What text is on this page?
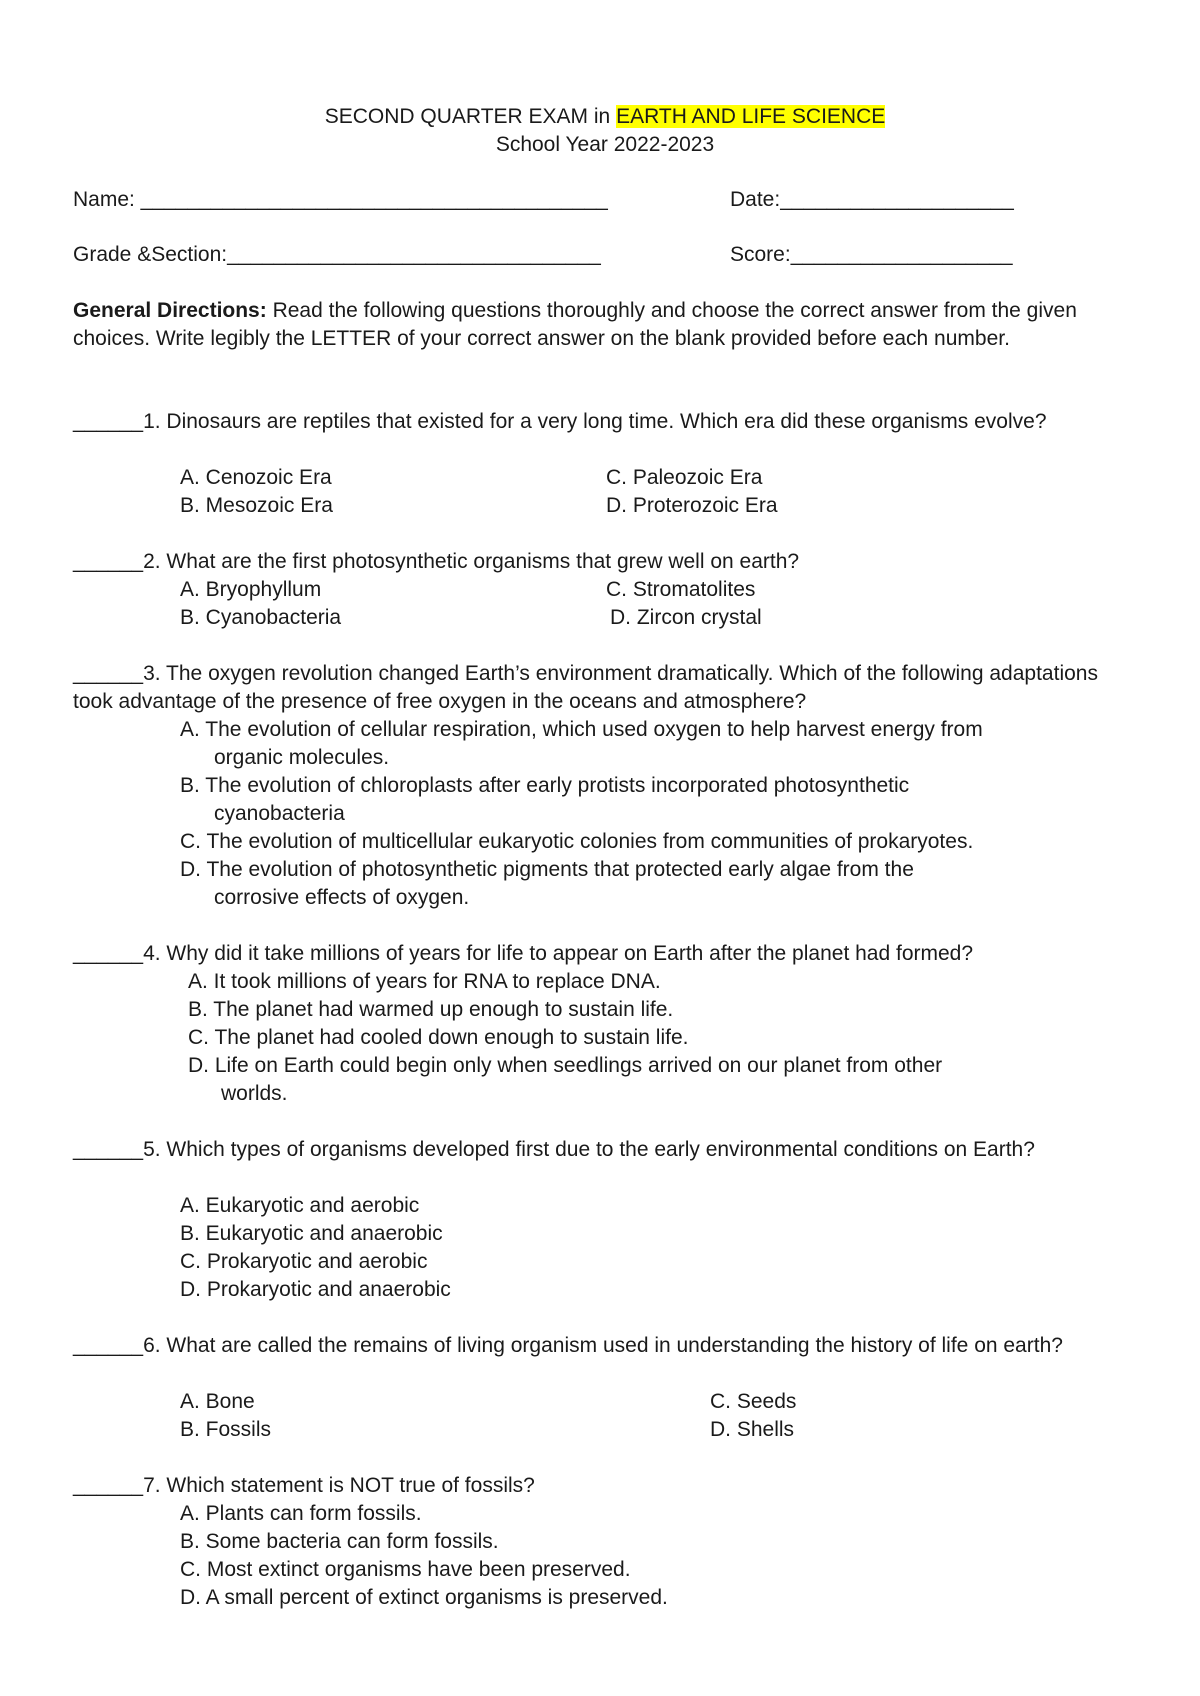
SECOND QUARTER EXAM in EARTH AND LIFE SCIENCE
School Year 2022-2023
Name: ________________________________________	Date:____________________
Grade &Section:________________________________	Score:___________________
General Directions: Read the following questions thoroughly and choose the correct answer from the given choices. Write legibly the LETTER of your correct answer on the blank provided before each number.
______1. Dinosaurs are reptiles that existed for a very long time. Which era did these organisms evolve?
A. Cenozoic Era	C. Paleozoic Era
B. Mesozoic Era	D. Proterozoic Era
______2. What are the first photosynthetic organisms that grew well on earth?
A. Bryophyllum	C. Stromatolites
B. Cyanobacteria	D. Zircon crystal
______3. The oxygen revolution changed Earth’s environment dramatically. Which of the following adaptations took advantage of the presence of free oxygen in the oceans and atmosphere?
A. The evolution of cellular respiration, which used oxygen to help harvest energy from
organic molecules.
B. The evolution of chloroplasts after early protists incorporated photosynthetic
cyanobacteria
C. The evolution of multicellular eukaryotic colonies from communities of prokaryotes.
D. The evolution of photosynthetic pigments that protected early algae from the
corrosive effects of oxygen.
______4. Why did it take millions of years for life to appear on Earth after the planet had formed?
A. It took millions of years for RNA to replace DNA.
B. The planet had warmed up enough to sustain life.
C. The planet had cooled down enough to sustain life.
D. Life on Earth could begin only when seedlings arrived on our planet from other
worlds.
______5. Which types of organisms developed first due to the early environmental conditions on Earth?
A. Eukaryotic and aerobic
B. Eukaryotic and anaerobic
C. Prokaryotic and aerobic
D. Prokaryotic and anaerobic
______6. What are called the remains of living organism used in understanding the history of life on earth?
A. Bone	C. Seeds
B. Fossils	D. Shells
______7. Which statement is NOT true of fossils?
A. Plants can form fossils.
B. Some bacteria can form fossils.
C. Most extinct organisms have been preserved.
D. A small percent of extinct organisms is preserved.
